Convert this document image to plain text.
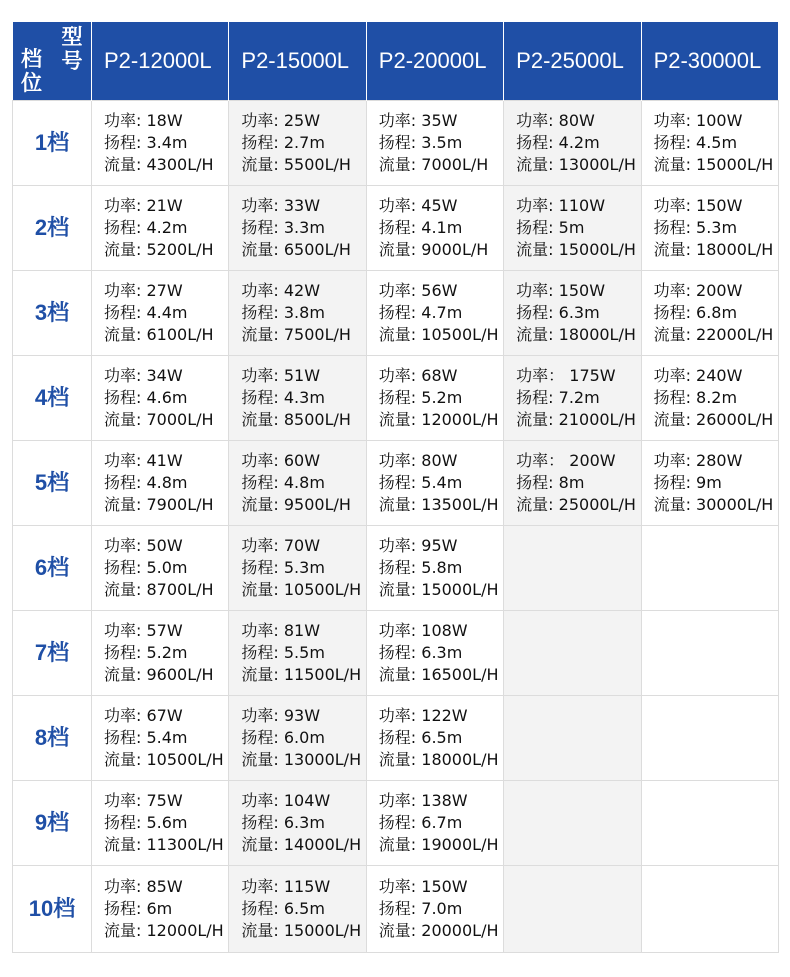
型号
档位	P2-12000L	P2-15000L	P2-20000L	P2-25000L	P2-30000L
1档	功率: 18W
扬程: 3.4m
流量: 4300L/H	功率: 25W
扬程: 2.7m
流量: 5500L/H	功率: 35W
扬程: 3.5m
流量: 7000L/H	功率: 80W
扬程: 4.2m
流量: 13000L/H	功率: 100W
扬程: 4.5m
流量: 15000L/H

2档	功率: 21W
扬程: 4.2m
流量: 5200L/H	功率: 33W
扬程: 3.3m
流量: 6500L/H	功率: 45W
扬程: 4.1m
流量: 9000L/H	功率: 110W
扬程: 5m
流量: 15000L/H	功率: 150W
扬程: 5.3m
流量: 18000L/H

3档	功率: 27W
扬程: 4.4m
流量: 6100L/H	功率: 42W
扬程: 3.8m
流量: 7500L/H	功率: 56W
扬程: 4.7m
流量: 10500L/H	功率: 150W
扬程: 6.3m
流量: 18000L/H	功率: 200W
扬程: 6.8m
流量: 22000L/H

4档	功率: 34W
扬程: 4.6m
流量: 7000L/H	功率: 51W
扬程: 4.3m
流量: 8500L/H	功率: 68W
扬程: 5.2m
流量: 12000L/H	功率： 175W
扬程: 7.2m
流量: 21000L/H	功率: 240W
扬程: 8.2m
流量: 26000L/H

5档	功率: 41W
扬程: 4.8m
流量: 7900L/H	功率: 60W
扬程: 4.8m
流量: 9500L/H	功率: 80W
扬程: 5.4m
流量: 13500L/H	功率： 200W
扬程: 8m
流量: 25000L/H	功率: 280W
扬程: 9m
流量: 30000L/H

6档	功率: 50W
扬程: 5.0m
流量: 8700L/H	功率: 70W
扬程: 5.3m
流量: 10500L/H	功率: 95W
扬程: 5.8m
流量: 15000L/H		

7档	功率: 57W
扬程: 5.2m
流量: 9600L/H	功率: 81W
扬程: 5.5m
流量: 11500L/H	功率: 108W
扬程: 6.3m
流量: 16500L/H		

8档	功率: 67W
扬程: 5.4m
流量: 10500L/H	功率: 93W
扬程: 6.0m
流量: 13000L/H	功率: 122W
扬程: 6.5m
流量: 18000L/H		

9档	功率: 75W
扬程: 5.6m
流量: 11300L/H	功率: 104W
扬程: 6.3m
流量: 14000L/H	功率: 138W
扬程: 6.7m
流量: 19000L/H		

10档	功率: 85W
扬程: 6m
流量: 12000L/H	功率: 115W
扬程: 6.5m
流量: 15000L/H	功率: 150W
扬程: 7.0m
流量: 20000L/H		
